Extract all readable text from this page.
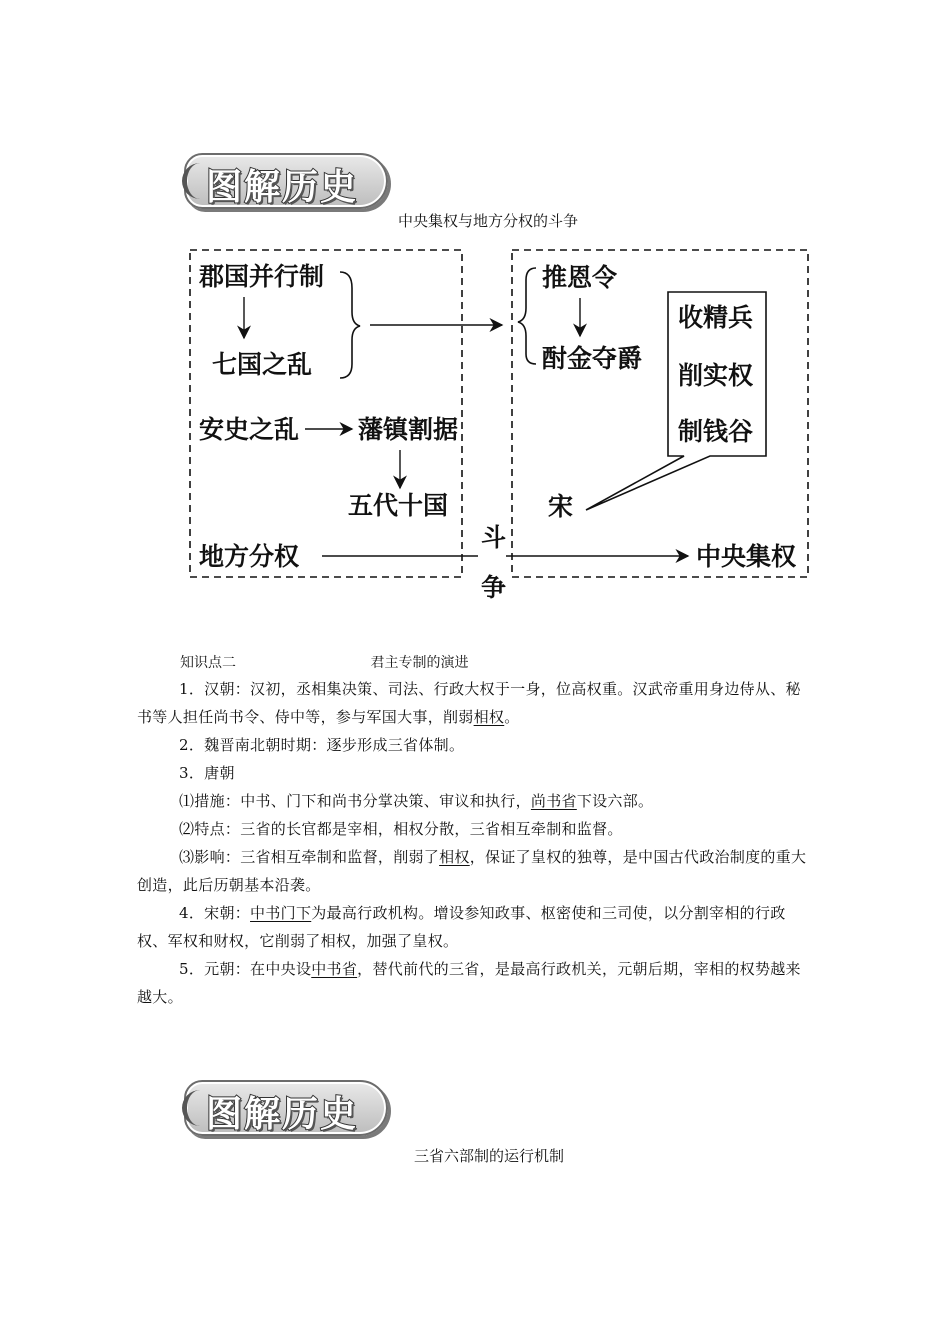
图解历史
中央集权与地方分权的斗争
郡国并行制
七国之乱
安史之乱 藩镇割据
五代十国
地方分权
斗
争
推恩令
酎金夺爵
收精兵
削实权
制钱谷
宋
中央集权
知识点二	君主专制的演进
1．汉朝：汉初，丞相集决策、司法、行政大权于一身，位高权重。汉武帝重用身边侍从、秘书等人担任尚书令、侍中等，参与军国大事，削弱相权。
2．魏晋南北朝时期：逐步形成三省体制。
3．唐朝
⑴措施：中书、门下和尚书分掌决策、审议和执行，尚书省下设六部。
⑵特点：三省的长官都是宰相，相权分散，三省相互牵制和监督。
⑶影响：三省相互牵制和监督，削弱了相权，保证了皇权的独尊，是中国古代政治制度的重大创造，此后历朝基本沿袭。
4．宋朝：中书门下为最高行政机构。增设参知政事、枢密使和三司使，以分割宰相的行政权、军权和财权，它削弱了相权，加强了皇权。
5．元朝：在中央设中书省，替代前代的三省，是最高行政机关，元朝后期，宰相的权势越来越大。
图解历史
三省六部制的运行机制
